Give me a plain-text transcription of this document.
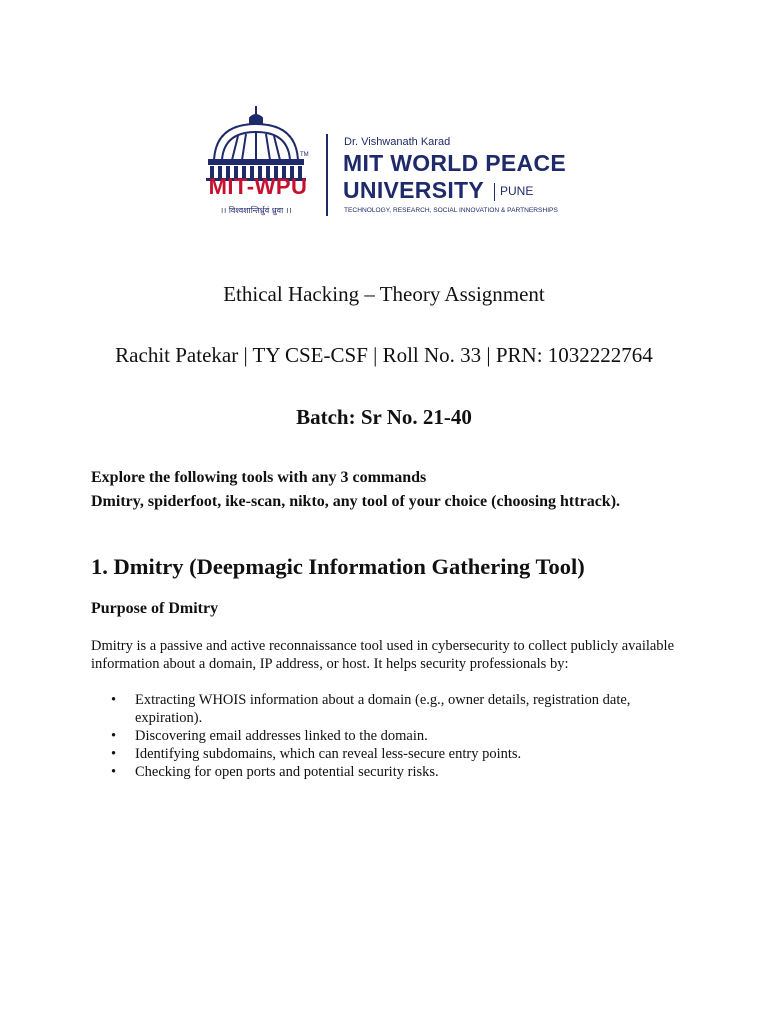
TM
MIT-WPU
।। विश्वशान्तिर्ध्रुवं ध्रुवा ।।
Dr. Vishwanath Karad
MIT WORLD PEACE
UNIVERSITY PUNE
TECHNOLOGY, RESEARCH, SOCIAL INNOVATION & PARTNERSHIPS
Ethical Hacking – Theory Assignment
Rachit Patekar | TY CSE-CSF | Roll No. 33 | PRN: 1032222764
Batch: Sr No. 21-40
Explore the following tools with any 3 commands
Dmitry, spiderfoot, ike-scan, nikto, any tool of your choice (choosing httrack).
1. Dmitry (Deepmagic Information Gathering Tool)
Purpose of Dmitry
Dmitry is a passive and active reconnaissance tool used in cybersecurity to collect publicly available information about a domain, IP address, or host. It helps security professionals by:
• Extracting WHOIS information about a domain (e.g., owner details, registration date, expiration).
• Discovering email addresses linked to the domain.
• Identifying subdomains, which can reveal less-secure entry points.
• Checking for open ports and potential security risks.
